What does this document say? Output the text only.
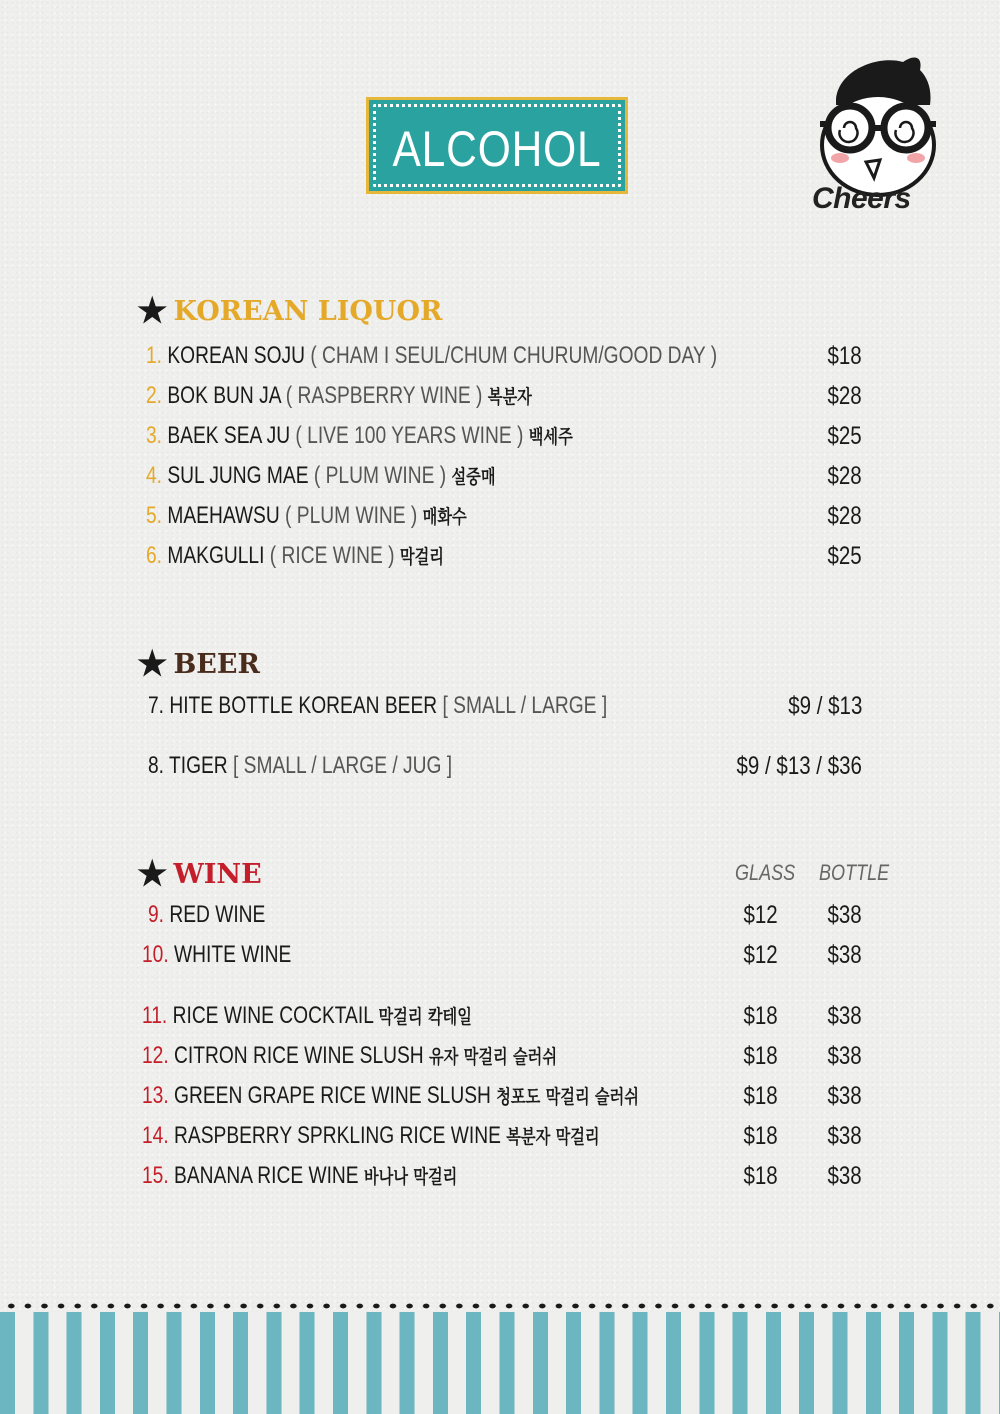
ALCOHOL
Cheers
★ KOREAN LIQUOR
1. KOREAN SOJU ( CHAM I SEUL/CHUM CHURUM/GOOD DAY )	$18
2. BOK BUN JA ( RASPBERRY WINE ) 복분자	$28
3. BAEK SEA JU ( LIVE 100 YEARS WINE ) 백세주	$25
4. SUL JUNG MAE ( PLUM WINE ) 설중매	$28
5. MAEHAWSU ( PLUM WINE ) 매화수	$28
6. MAKGULLI ( RICE WINE ) 막걸리	$25
★ BEER
7. HITE BOTTLE KOREAN BEER [ SMALL / LARGE ]	$9 / $13
8. TIGER [ SMALL / LARGE / JUG ]	$9 / $13 / $36
★ WINE	GLASS BOTTLE
9. RED WINE	$12 $38
10. WHITE WINE	$12 $38
11. RICE WINE COCKTAIL 막걸리 칵테일	$18 $38
12. CITRON RICE WINE SLUSH 유자 막걸리 슬러쉬	$18 $38
13. GREEN GRAPE RICE WINE SLUSH 청포도 막걸리 슬러쉬	$18 $38
14. RASPBERRY SPRKLING RICE WINE 복분자 막걸리	$18 $38
15. BANANA RICE WINE 바나나 막걸리	$18 $38
